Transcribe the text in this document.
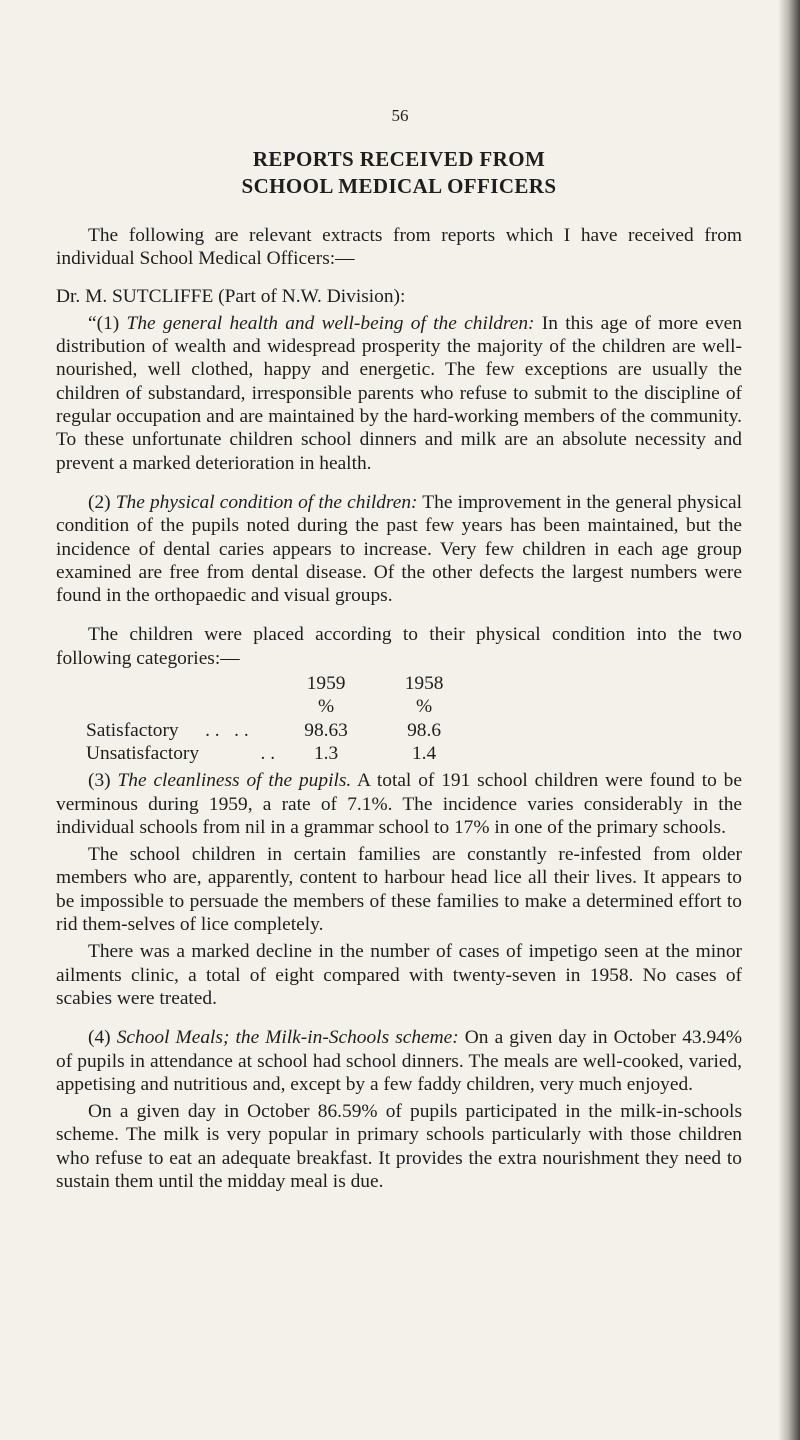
56
REPORTS RECEIVED FROM
SCHOOL MEDICAL OFFICERS

The following are relevant extracts from reports which I have received from individual School Medical Officers:—

Dr. M. SUTCLIFFE (Part of N.W. Division):

“(1) The general health and well-being of the children: In this age of more even distribution of wealth and widespread prosperity the majority of the children are well-nourished, well clothed, happy and energetic. The few exceptions are usually the children of substandard, irresponsible parents who refuse to submit to the discipline of regular occupation and are maintained by the hard-working members of the community. To these unfortunate children school dinners and milk are an absolute necessity and prevent a marked deterioration in health.

(2) The physical condition of the children: The improvement in the general physical condition of the pupils noted during the past few years has been maintained, but the incidence of dental caries appears to increase. Very few children in each age group examined are free from dental disease. Of the other defects the largest numbers were found in the orthopaedic and visual groups.

The children were placed according to their physical condition into the two following categories:—

		1959	1958
		%	%
Satisfactory	. .   . .	98.63	98.6
Unsatisfactory	. .	1.3	1.4

(3) The cleanliness of the pupils. A total of 191 school children were found to be verminous during 1959, a rate of 7.1%. The incidence varies considerably in the individual schools from nil in a grammar school to 17% in one of the primary schools.

The school children in certain families are constantly re-infested from older members who are, apparently, content to harbour head lice all their lives. It appears to be impossible to persuade the members of these families to make a determined effort to rid them-selves of lice completely.

There was a marked decline in the number of cases of impetigo seen at the minor ailments clinic, a total of eight compared with twenty-seven in 1958. No cases of scabies were treated.

(4) School Meals; the Milk-in-Schools scheme: On a given day in October 43.94% of pupils in attendance at school had school dinners. The meals are well-cooked, varied, appetising and nutritious and, except by a few faddy children, very much enjoyed.

On a given day in October 86.59% of pupils participated in the milk-in-schools scheme. The milk is very popular in primary schools particularly with those children who refuse to eat an adequate breakfast. It provides the extra nourishment they need to sustain them until the midday meal is due.
